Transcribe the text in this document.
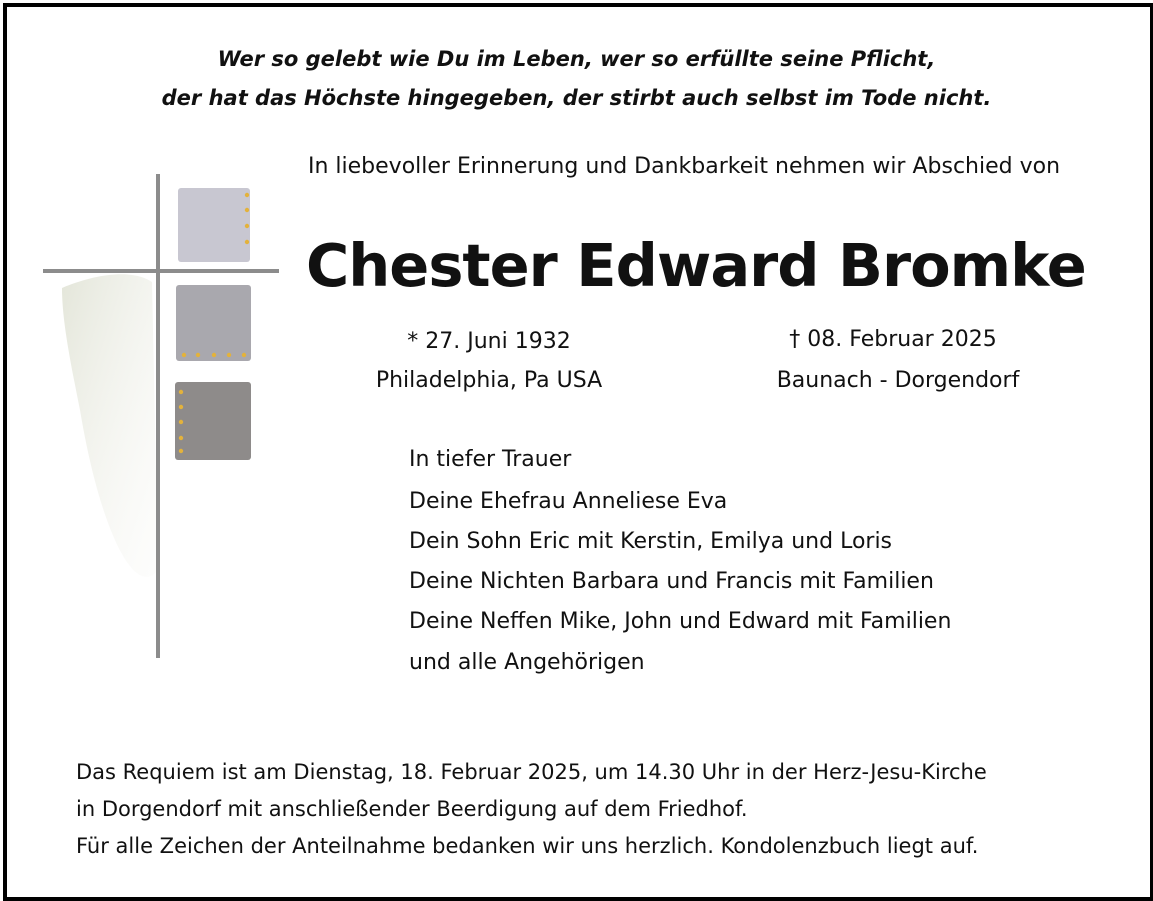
Wer so gelebt wie Du im Leben, wer so erfüllte seine Pflicht,
der hat das Höchste hingegeben, der stirbt auch selbst im Tode nicht.
In liebevoller Erinnerung und Dankbarkeit nehmen wir Abschied von
Chester Edward Bromke
* 27. Juni 1932
Philadelphia, Pa USA
† 08. Februar 2025
Baunach - Dorgendorf
In tiefer Trauer
Deine Ehefrau Anneliese Eva
Dein Sohn Eric mit Kerstin, Emilya und Loris
Deine Nichten Barbara und Francis mit Familien
Deine Neffen Mike, John und Edward mit Familien
und alle Angehörigen
Das Requiem ist am Dienstag, 18. Februar 2025, um 14.30 Uhr in der Herz-Jesu-Kirche
in Dorgendorf mit anschließender Beerdigung auf dem Friedhof.
Für alle Zeichen der Anteilnahme bedanken wir uns herzlich. Kondolenzbuch liegt auf.
